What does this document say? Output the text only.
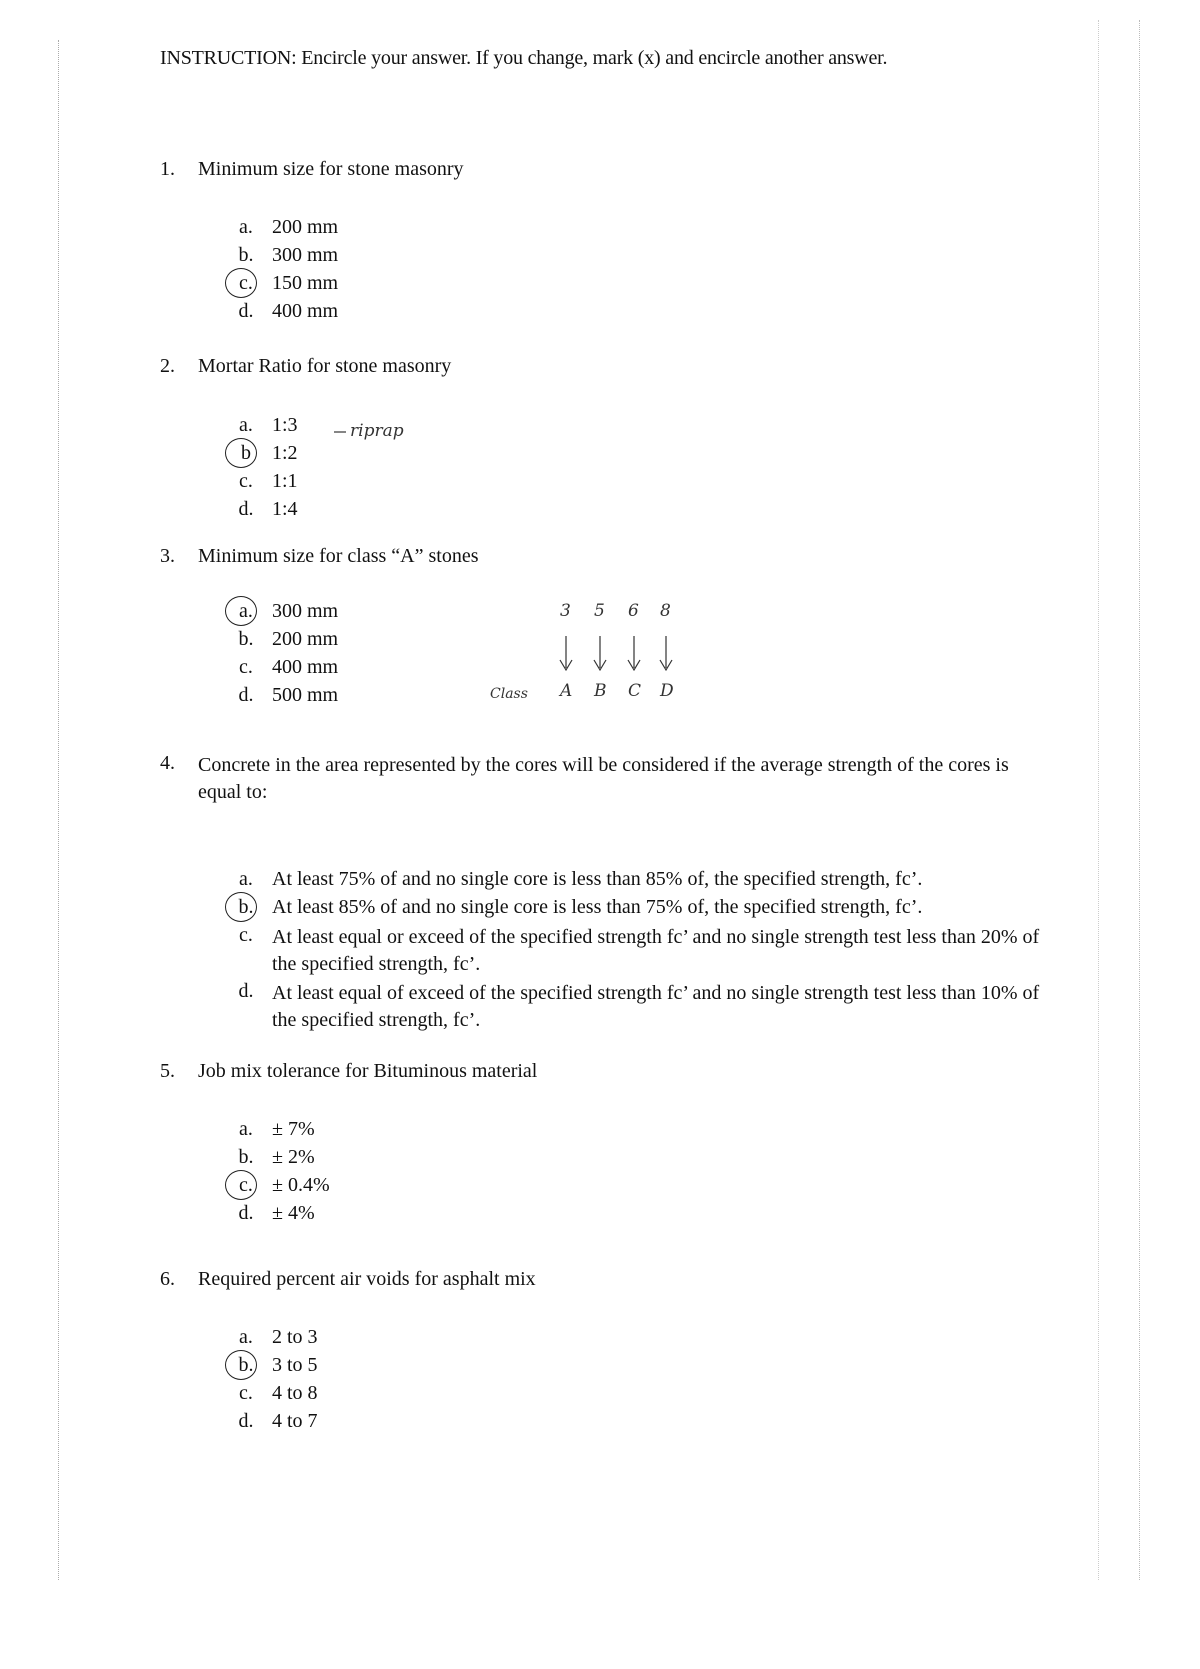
INSTRUCTION: Encircle your answer. If you change, mark (x) and encircle another answer.
1. Minimum size for stone masonry
a. 200 mm
b. 300 mm
c. 150 mm
d. 400 mm
2. Mortar Ratio for stone masonry
a. 1:3
b	1:2
c. 1:1
d. 1:4
riprap
3. Minimum size for class “A” stones
a. 300 mm
b. 200 mm
c. 400 mm
d. 500 mm
3 5 6 8
A B C D
Class
4. Concrete in the area represented by the cores will be considered if the average strength of the cores is equal to:
a. At least 75% of and no single core is less than 85% of, the specified strength, fc’.
b. At least 85% of and no single core is less than 75% of, the specified strength, fc’.
c. At least equal or exceed of the specified strength fc’ and no single strength test less than 20% of the specified strength, fc’.
d. At least equal of exceed of the specified strength fc’ and no single strength test less than 10% of the specified strength, fc’.
5. Job mix tolerance for Bituminous material
a. ± 7%
b. ± 2%
c. ± 0.4%
d. ± 4%
6. Required percent air voids for asphalt mix
a. 2 to 3
b. 3 to 5
c. 4 to 8
d. 4 to 7
